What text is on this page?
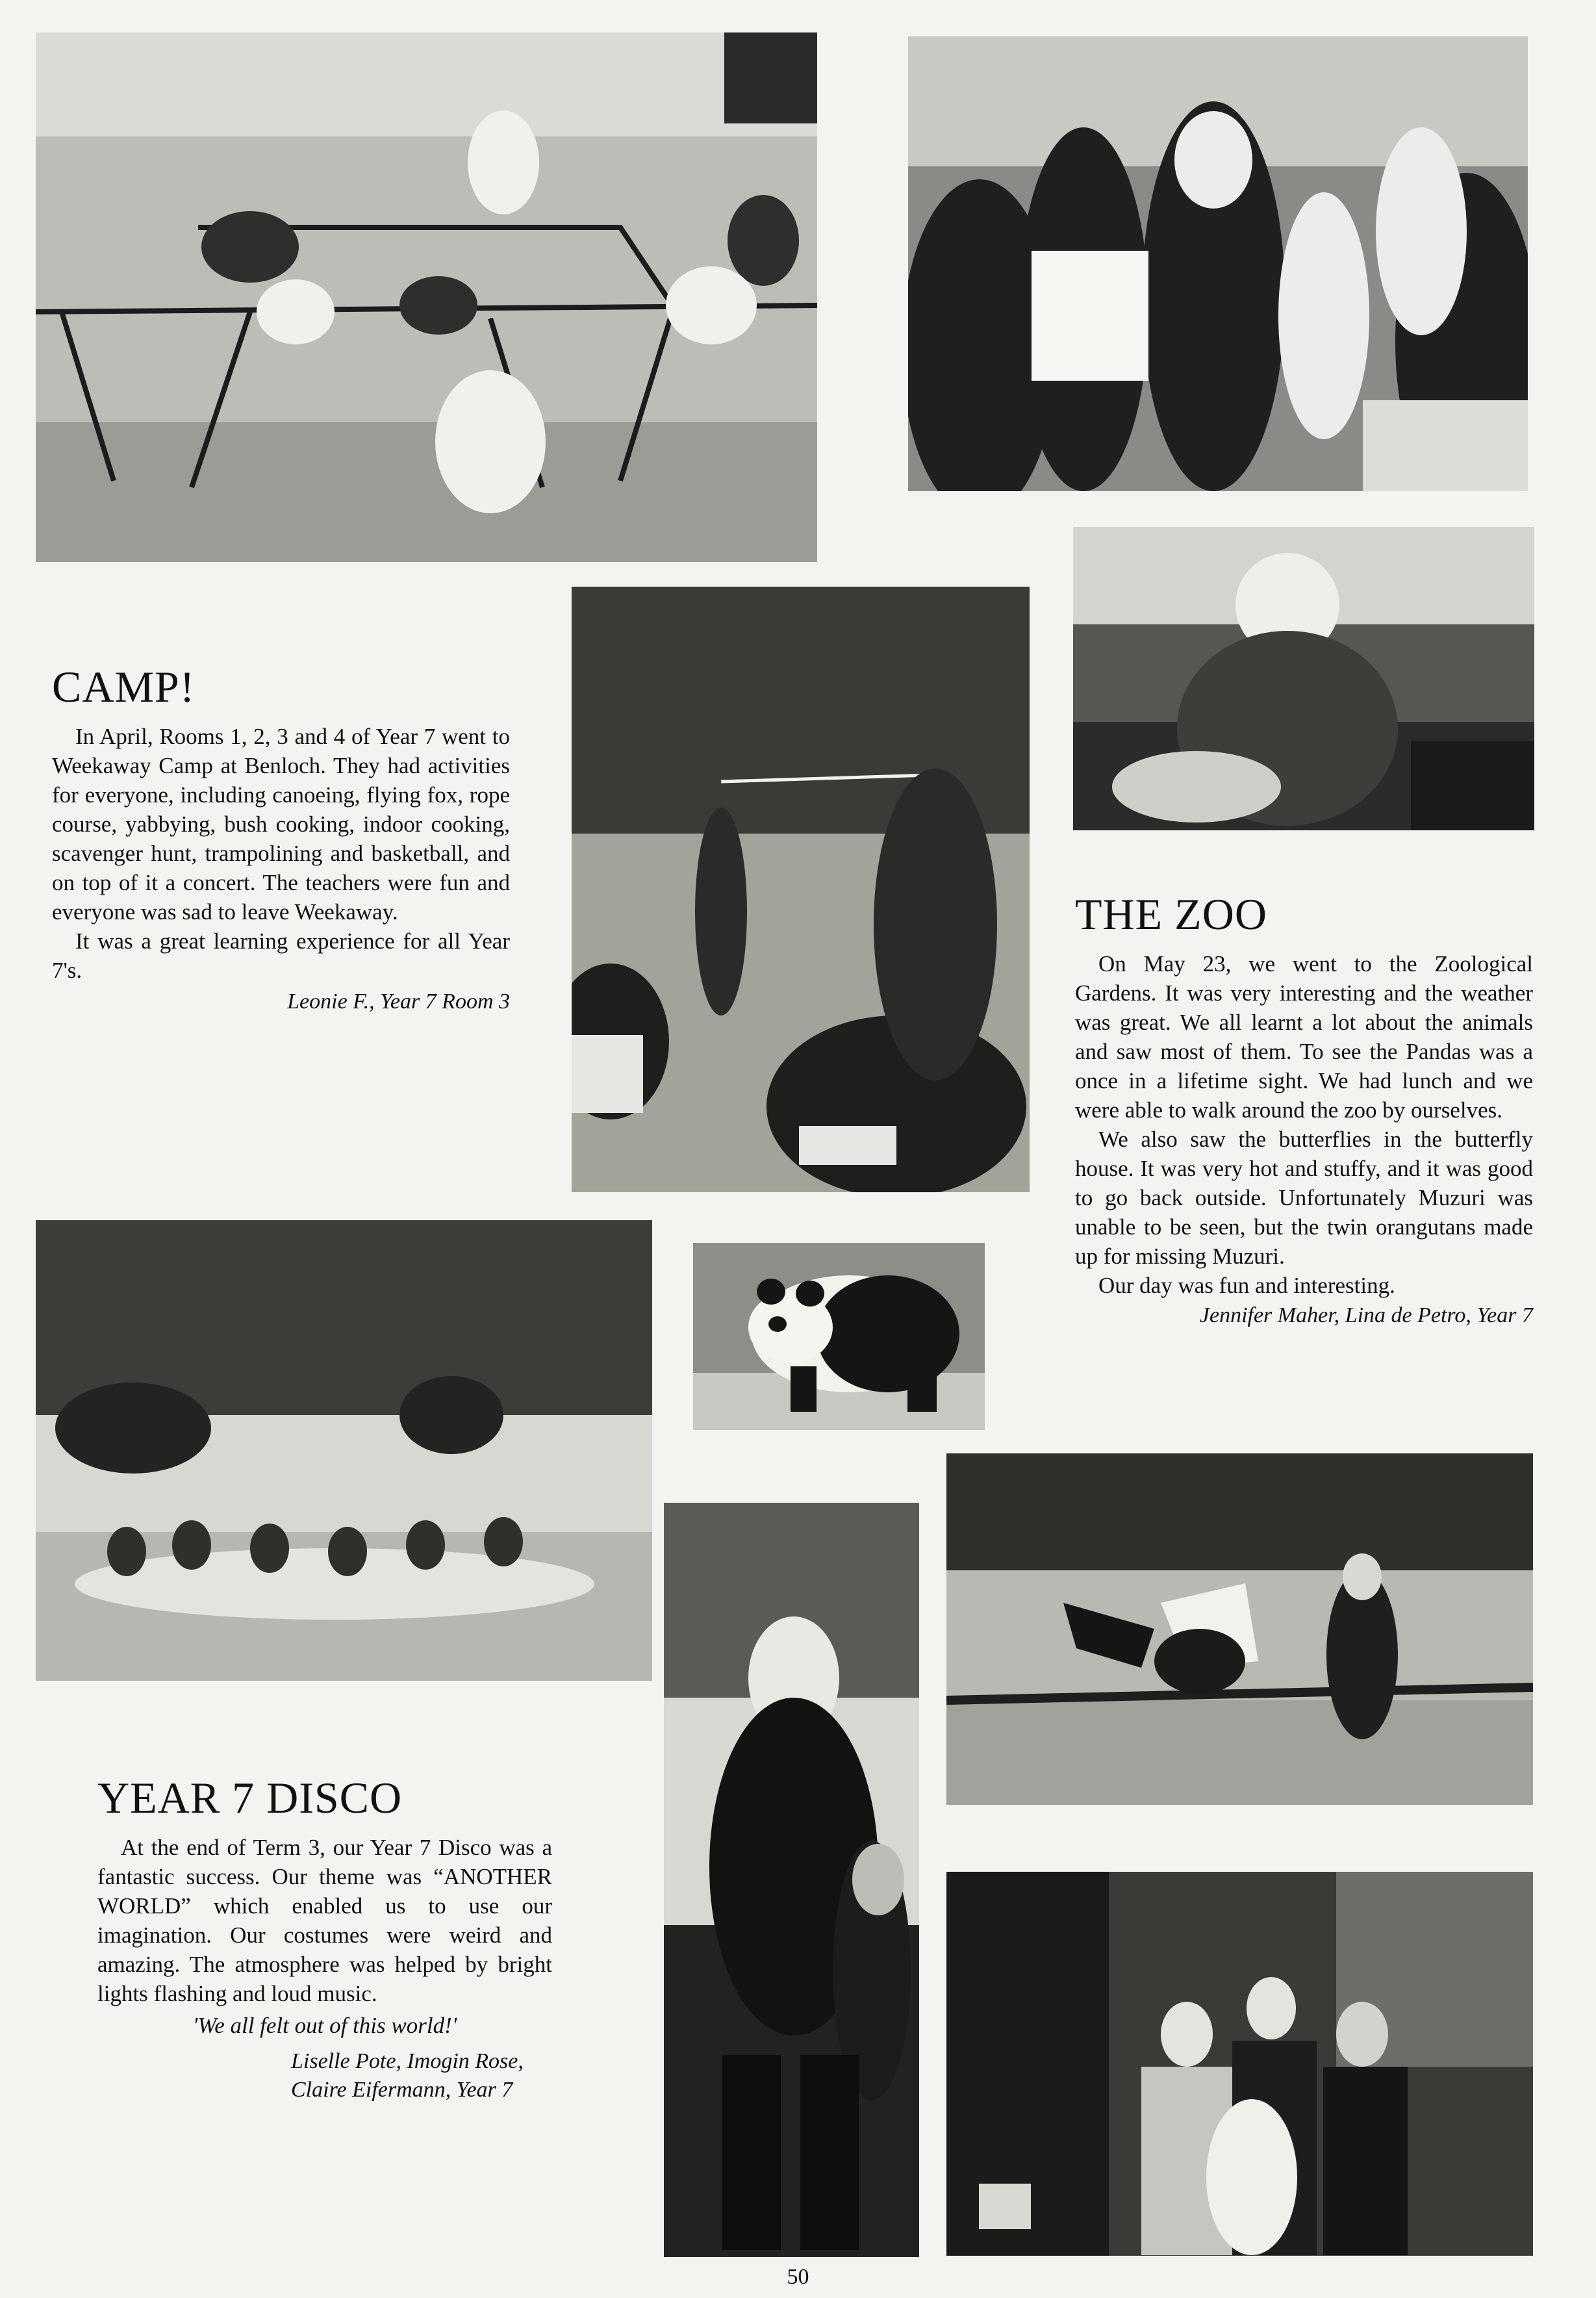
CAMP!

In April, Rooms 1, 2, 3 and 4 of Year 7 went to Weekaway Camp at Benloch. They had activities for everyone, including canoeing, flying fox, rope course, yabbying, bush cooking, indoor cooking, scavenger hunt, trampolining and basketball, and on top of it a concert. The teachers were fun and everyone was sad to leave Weekaway.

It was a great learning experience for all Year 7's.

Leonie F., Year 7 Room 3
THE ZOO

On May 23, we went to the Zoological Gardens. It was very interesting and the weather was great. We all learnt a lot about the animals and saw most of them. To see the Pandas was a once in a lifetime sight. We had lunch and we were able to walk around the zoo by ourselves.

We also saw the butterflies in the butterfly house. It was very hot and stuffy, and it was good to go back outside. Unfortunately Muzuri was unable to be seen, but the twin orangutans made up for missing Muzuri.

Our day was fun and interesting.

Jennifer Maher, Lina de Petro, Year 7
YEAR 7 DISCO

At the end of Term 3, our Year 7 Disco was a fantastic success. Our theme was “ANOTHER WORLD” which enabled us to use our imagination. Our costumes were weird and amazing. The atmosphere was helped by bright lights flashing and loud music.

'We all felt out of this world!'
Liselle Pote, Imogin Rose,
Claire Eifermann, Year 7
50
